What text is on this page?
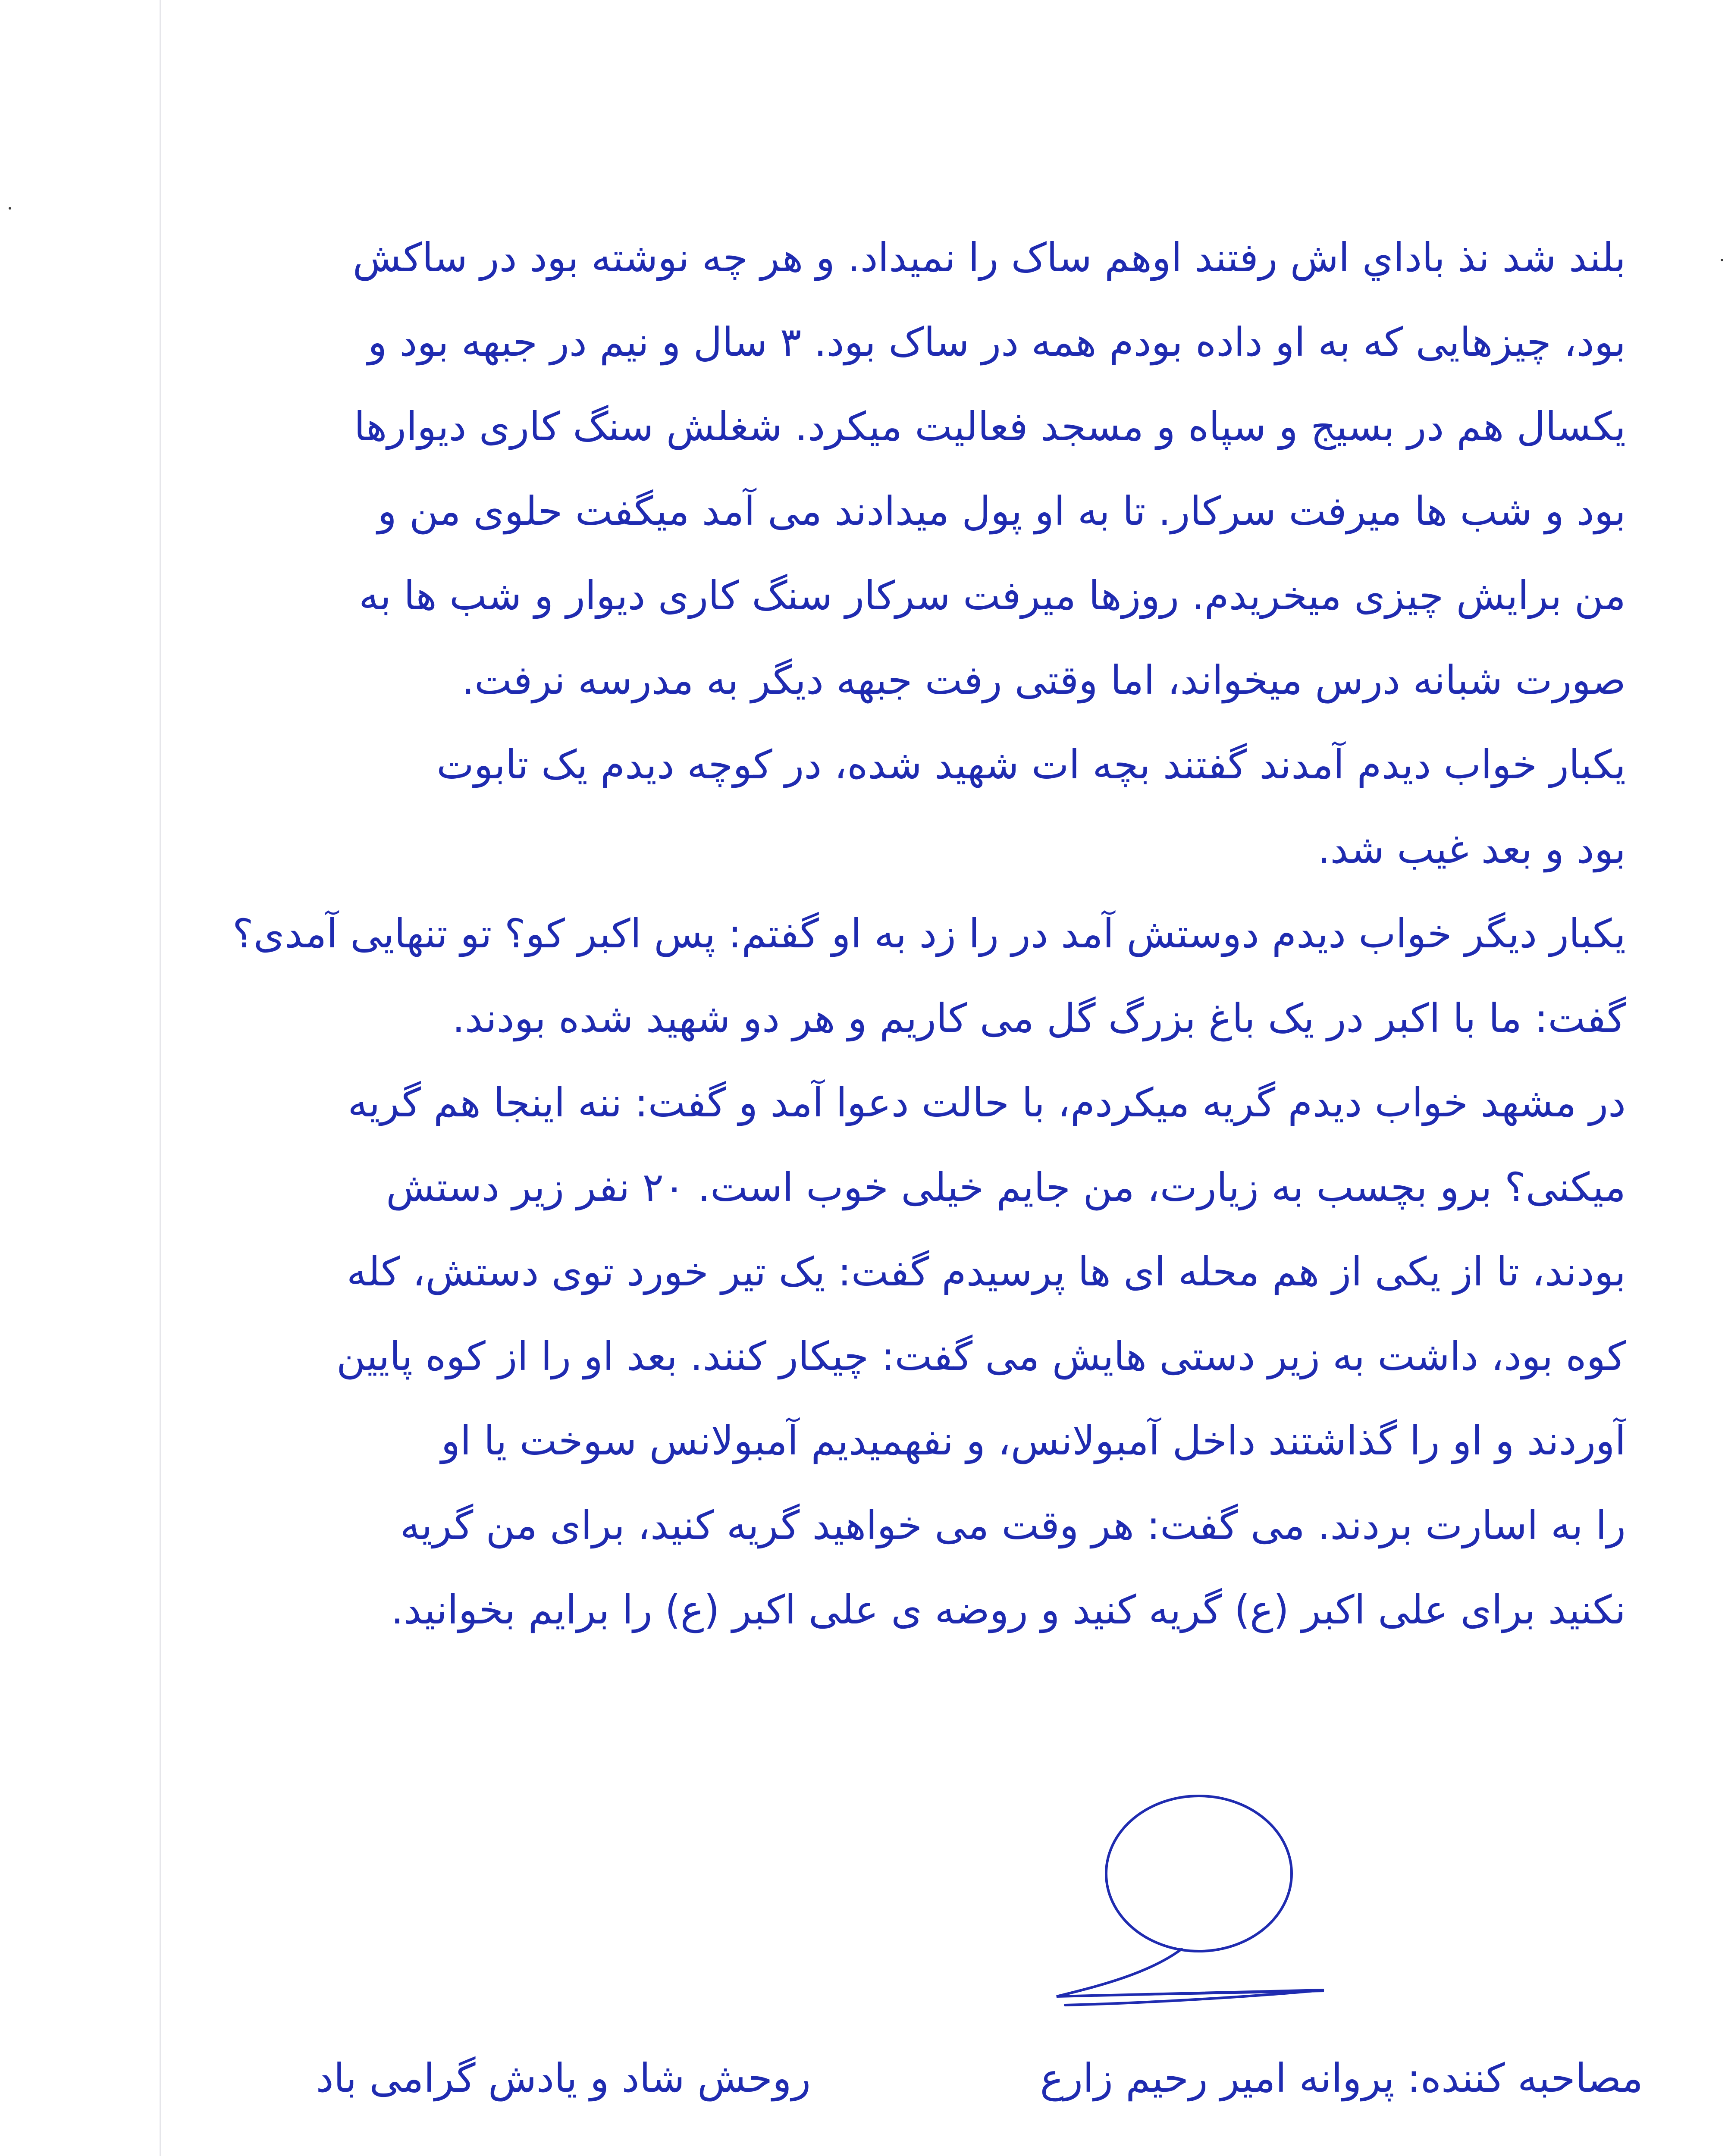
بلند شد نذ باداي اش رفتند اوهم ساک را نمیداد. و هر چه نوشته بود در ساکش
بود، چیزهایی که به او داده بودم همه در ساک بود. ۳ سال و نیم در جبهه بود و
یکسال هم در بسیج و سپاه و مسجد فعالیت میکرد. شغلش سنگ کاری دیوارها
بود و شب ها میرفت سرکار. تا به او پول میدادند می آمد میگفت حلوی من و
من برایش چیزی میخریدم. روزها میرفت سرکار سنگ کاری دیوار و شب ها به
صورت شبانه درس میخواند، اما وقتی رفت جبهه دیگر به مدرسه نرفت.
یکبار خواب دیدم آمدند گفتند بچه ات شهید شده، در کوچه دیدم یک تابوت
بود و بعد غیب شد.
یکبار دیگر خواب دیدم دوستش آمد در را زد به او گفتم: پس اکبر کو؟ تو تنهایی آمدی؟
گفت: ما با اکبر در یک باغ بزرگ گل می کاریم و هر دو شهید شده بودند.
در مشهد خواب دیدم گریه میکردم، با حالت دعوا آمد و گفت: ننه اینجا هم گریه
میکنی؟ برو بچسب به زیارت، من جایم خیلی خوب است. ۲۰ نفر زیر دستش
بودند، تا از یکی از هم محله ای ها پرسیدم گفت: یک تیر خورد توی دستش، کله
کوه بود، داشت به زیر دستی هایش می گفت: چیکار کنند. بعد او را از کوه پایین
آوردند و او را گذاشتند داخل آمبولانس، و نفهمیدیم آمبولانس سوخت یا او
را به اسارت بردند. می گفت: هر وقت می خواهید گریه کنید، برای من گریه
نکنید برای علی اکبر (ع) گریه کنید و روضه ی علی اکبر (ع) را برایم بخوانید.
مصاحبه کننده: پروانه امیر رحیم زارع
روحش شاد و یادش گرامی باد
